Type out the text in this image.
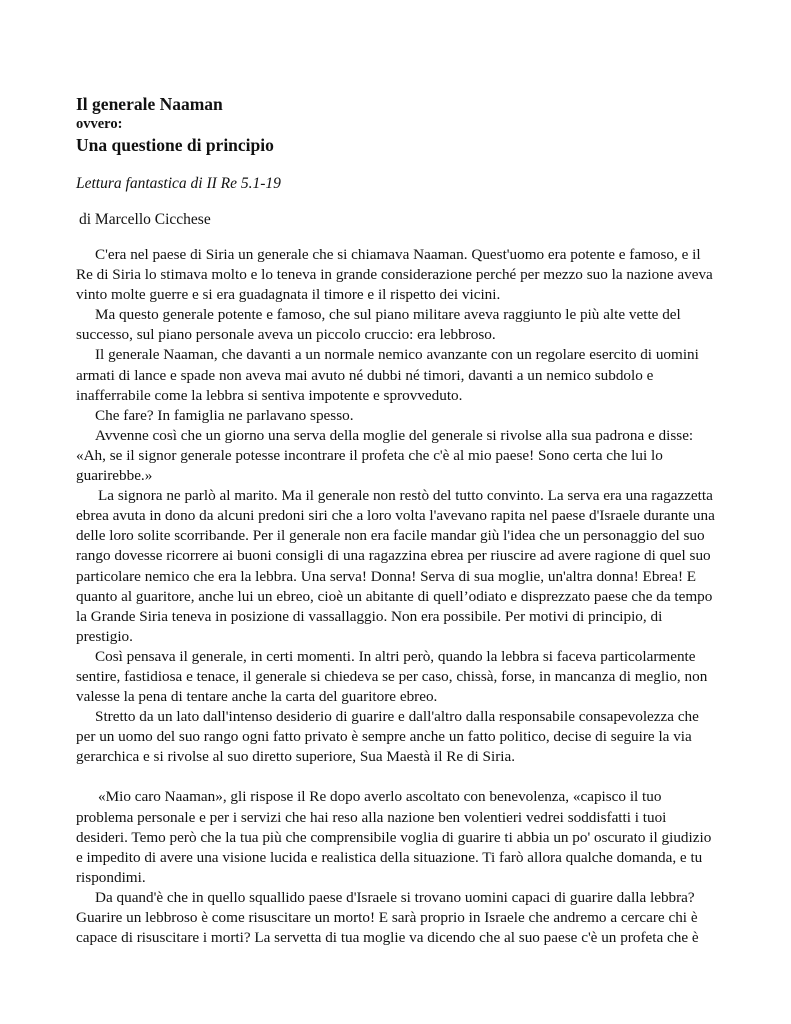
Il generale Naaman
ovvero:
Una questione di principio
Lettura fantastica di II Re 5.1-19
di Marcello Cicchese

C'era nel paese di Siria un generale che si chiamava Naaman. Quest'uomo era potente e famoso, e il Re di Siria lo stimava molto e lo teneva in grande considerazione perché per mezzo suo la nazione aveva vinto molte guerre e si era guadagnata il timore e il rispetto dei vicini.

Ma questo generale potente e famoso, che sul piano militare aveva raggiunto le più alte vette del successo, sul piano personale aveva un piccolo cruccio: era lebbroso.

Il generale Naaman, che davanti a un normale nemico avanzante con un regolare esercito di uomini armati di lance e spade non aveva mai avuto né dubbi né timori, davanti a un nemico subdolo e inafferrabile come la lebbra si sentiva impotente e sprovveduto.

Che fare? In famiglia ne parlavano spesso.

Avvenne così che un giorno una serva della moglie del generale si rivolse alla sua padrona e disse: «Ah, se il signor generale potesse incontrare il profeta che c'è al mio paese! Sono certa che lui lo guarirebbe.»

La signora ne parlò al marito. Ma il generale non restò del tutto convinto. La serva era una ragazzetta ebrea avuta in dono da alcuni predoni siri che a loro volta l'avevano rapita nel paese d'Israele durante una delle loro solite scorribande. Per il generale non era facile mandar giù l'idea che un personaggio del suo rango dovesse ricorrere ai buoni consigli di una ragazzina ebrea per riuscire ad avere ragione di quel suo particolare nemico che era la lebbra. Una serva! Donna! Serva di sua moglie, un'altra donna! Ebrea! E quanto al guaritore, anche lui un ebreo, cioè un abitante di quell’odiato e disprezzato paese che da tempo la Grande Siria teneva in posizione di vassallaggio. Non era possibile. Per motivi di principio, di prestigio.

Così pensava il generale, in certi momenti. In altri però, quando la lebbra si faceva particolarmente sentire, fastidiosa e tenace, il generale si chiedeva se per caso, chissà, forse, in mancanza di meglio, non valesse la pena di tentare anche la carta del guaritore ebreo.

Stretto da un lato dall'intenso desiderio di guarire e dall'altro dalla responsabile consapevolezza che per un uomo del suo rango ogni fatto privato è sempre anche un fatto politico, decise di seguire la via gerarchica e si rivolse al suo diretto superiore, Sua Maestà il Re di Siria.

«Mio caro Naaman», gli rispose il Re dopo averlo ascoltato con benevolenza, «capisco il tuo problema personale e per i servizi che hai reso alla nazione ben volentieri vedrei soddisfatti i tuoi desideri. Temo però che la tua più che comprensibile voglia di guarire ti abbia un po' oscurato il giudizio e impedito di avere una visione lucida e realistica della situazione. Ti farò allora qualche domanda, e tu rispondimi.

Da quand'è che in quello squallido paese d'Israele si trovano uomini capaci di guarire dalla lebbra? Guarire un lebbroso è come risuscitare un morto! E sarà proprio in Israele che andremo a cercare chi è capace di risuscitare i morti? La servetta di tua moglie va dicendo che al suo paese c'è un profeta che è
